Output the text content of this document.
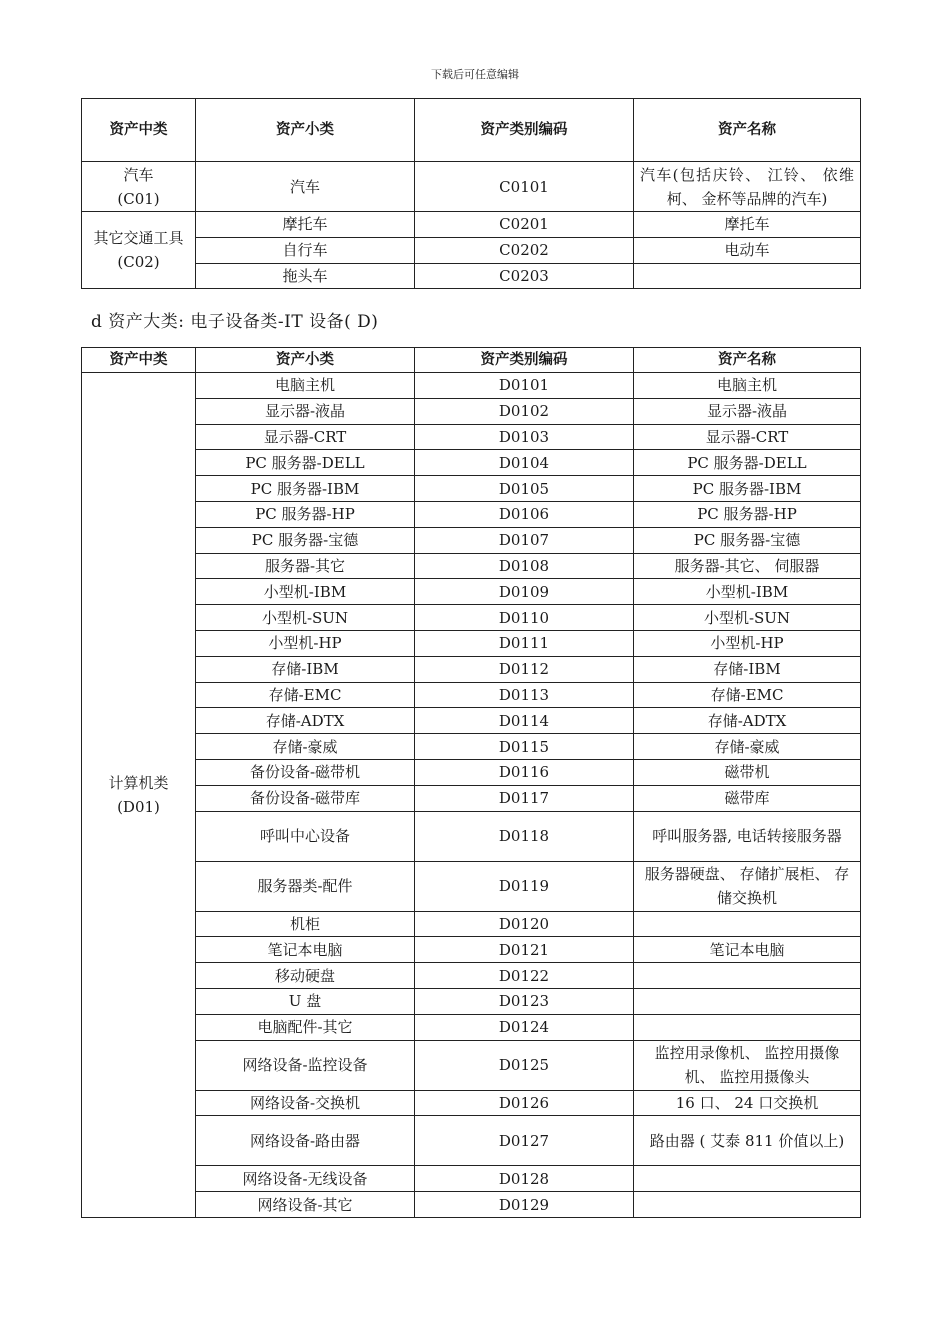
下载后可任意编辑
资产中类	资产小类	资产类别编码	资产名称
汽车
(C01)	汽车	C0101	汽车(包括庆铃、 江铃、 依维柯、 金杯等品牌的汽车)
其它交通工具
(C02)	摩托车	C0201	摩托车
	自行车	C0202	电动车
	拖头车	C0203	
d 资产大类: 电子设备类-IT 设备( D)
资产中类	资产小类	资产类别编码	资产名称
计算机类
(D01)	电脑主机	D0101	电脑主机
	显示器-液晶	D0102	显示器-液晶
	显示器-CRT	D0103	显示器-CRT
	PC 服务器-DELL	D0104	PC 服务器-DELL
	PC 服务器-IBM	D0105	PC 服务器-IBM
	PC 服务器-HP	D0106	PC 服务器-HP
	PC 服务器-宝德	D0107	PC 服务器-宝德
	服务器-其它	D0108	服务器-其它、 伺服器
	小型机-IBM	D0109	小型机-IBM
	小型机-SUN	D0110	小型机-SUN
	小型机-HP	D0111	小型机-HP
	存储-IBM	D0112	存储-IBM
	存储-EMC	D0113	存储-EMC
	存储-ADTX	D0114	存储-ADTX
	存储-豪威	D0115	存储-豪威
	备份设备-磁带机	D0116	磁带机
	备份设备-磁带库	D0117	磁带库
	呼叫中心设备	D0118	呼叫服务器, 电话转接服务器
	服务器类-配件	D0119	服务器硬盘、 存储扩展柜、 存储交换机
	机柜	D0120	
	笔记本电脑	D0121	笔记本电脑
	移动硬盘	D0122	
	U 盘	D0123	
	电脑配件-其它	D0124	
	网络设备-监控设备	D0125	监控用录像机、 监控用摄像机、 监控用摄像头
	网络设备-交换机	D0126	16 口、 24 口交换机
	网络设备-路由器	D0127	路由器 ( 艾泰 811 价值以上)
	网络设备-无线设备	D0128	
	网络设备-其它	D0129	
